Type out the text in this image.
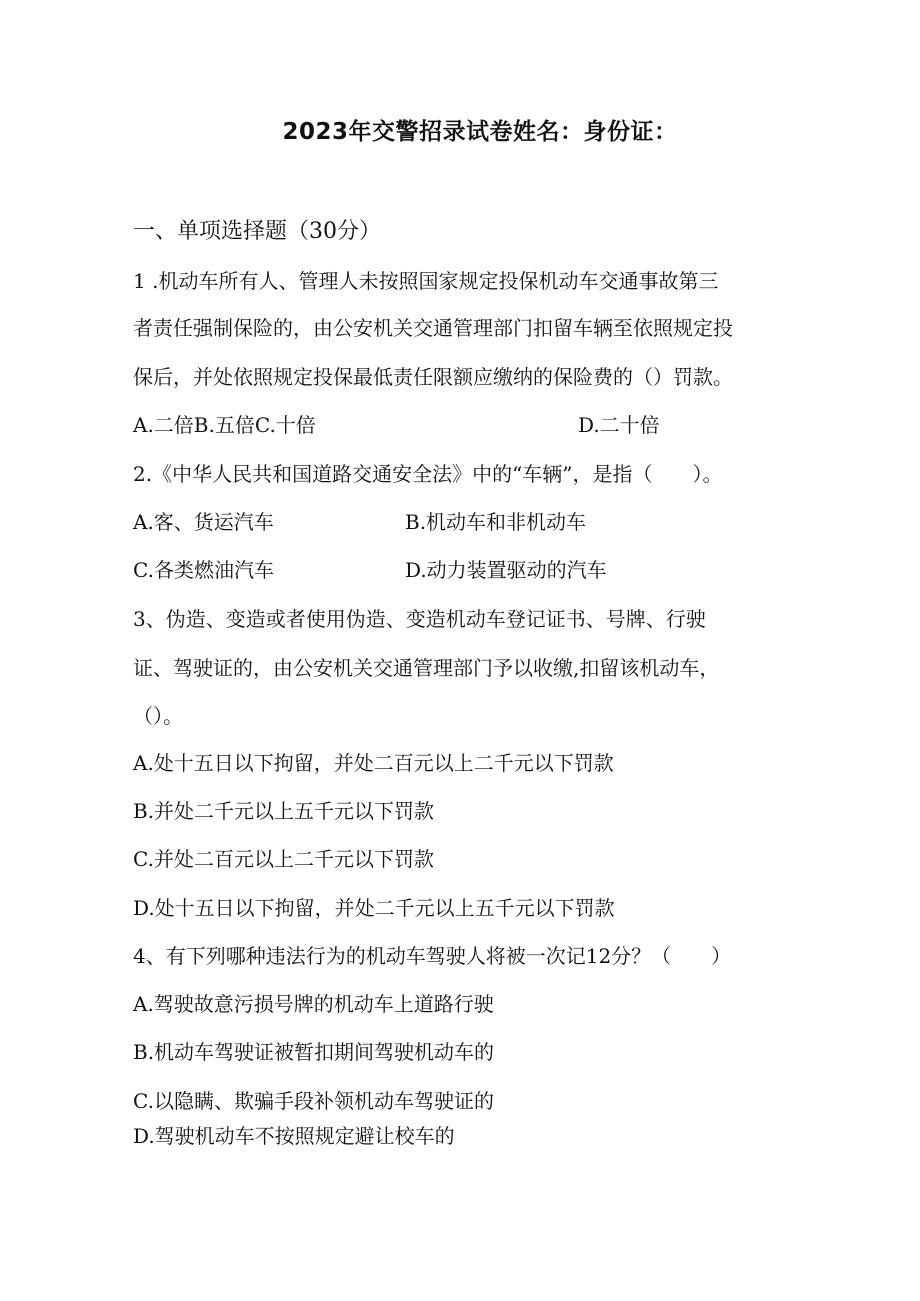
2023年交警招录试卷姓名：身份证：
一、单项选择题（30分）
1 .机动车所有人、管理人未按照国家规定投保机动车交通事故第三
者责任强制保险的，由公安机关交通管理部门扣留车辆至依照规定投
保后，并处依照规定投保最低责任限额应缴纳的保险费的（）罚款。
A.二倍B.五倍C.十倍	D.二十倍
2.《中华人民共和国道路交通安全法》中的“车辆”，是指（　　）。
A.客、货运汽车	B.机动车和非机动车
C.各类燃油汽车	D.动力装置驱动的汽车
3、伪造、变造或者使用伪造、变造机动车登记证书、号牌、行驶
证、驾驶证的，由公安机关交通管理部门予以收缴,扣留该机动车，
（）。
A.处十五日以下拘留，并处二百元以上二千元以下罚款
B.并处二千元以上五千元以下罚款
C.并处二百元以上二千元以下罚款
D.处十五日以下拘留，并处二千元以上五千元以下罚款
4、有下列哪种违法行为的机动车驾驶人将被一次记12分？（　　）
A.驾驶故意污损号牌的机动车上道路行驶
B.机动车驾驶证被暂扣期间驾驶机动车的
C.以隐瞒、欺骗手段补领机动车驾驶证的
D.驾驶机动车不按照规定避让校车的
